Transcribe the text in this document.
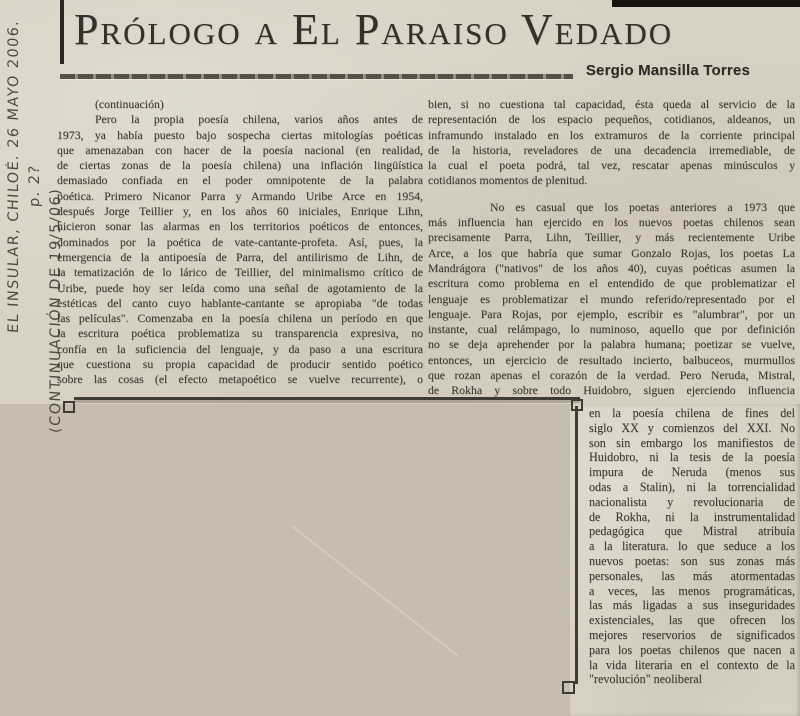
Prólogo a El Paraiso Vedado
Sergio Mansilla Torres
EL INSULAR, CHILOÉ. 26 MAYO 2006. p. 2?
(CONTINUACIÓN DE 19/5/06)
(continuación)
Pero la propia poesía chilena, varios años antes de
1973, ya había puesto bajo sospecha ciertas mitologías poéticas
que amenazaban con hacer de la poesía nacional (en realidad,
de ciertas zonas de la poesía chilena) una inflación lingüística
demasiado confiada en el poder omnipotente de la palabra
poética. Primero Nicanor Parra y Armando Uribe Arce en 1954,
después Jorge Teillier y, en los años 60 iniciales, Enrique Lihn,
hicieron sonar las alarmas en los territorios poéticos de entonces,
dominados por la poética de vate-cantante-profeta. Así, pues, la
emergencia de la antipoesía de Parra, del antilirismo de Lihn, de
la tematización de lo lárico de Teillier, del minimalismo crítico de
Uribe, puede hoy ser leída como una señal de agotamiento de la
estéticas del canto cuyo hablante-cantante se apropiaba "de todas
las películas". Comenzaba en la poesía chilena un período en que
la escritura poética problematiza su transparencia expresiva, no
confía en la suficiencia del lenguaje, y da paso a una escritura
que cuestiona su propia capacidad de producir sentido poético
sobre las cosas (el efecto metapoético se vuelve recurrente), o
bien, si no cuestiona tal capacidad, ésta queda al servicio de la
representación de los espacio pequeños, cotidianos, aldeanos, un
inframundo instalado en los extramuros de la corriente principal
de la historia, reveladores de una decadencia irremediable, de
la cual el poeta podrá, tal vez, rescatar apenas minúsculos y
cotidianos momentos de plenitud.
No es casual que los poetas anteriores a 1973 que
más influencia han ejercido en los nuevos poetas chilenos sean
precisamente Parra, Lihn, Teillier, y más recientemente Uribe
Arce, a los que habría que sumar Gonzalo Rojas, los poetas La
Mandrágora ("nativos" de los años 40), cuyas poéticas asumen la
escritura como problema en el entendido de que problematizar el
lenguaje es problematizar el mundo referido/representado por el
lenguaje. Para Rojas, por ejemplo, escribir es "alumbrar", por un
instante, cual relámpago, lo numinoso, aquello que por definición
no se deja aprehender por la palabra humana; poetizar se vuelve,
entonces, un ejercicio de resultado incierto, balbuceos, murmullos
que rozan apenas el corazón de la verdad. Pero Neruda, Mistral,
de Rokha y sobre todo Huidobro, siguen ejerciendo influencia
en la poesía chilena de fines del
siglo XX y comienzos del XXI. No
son sin embargo los manifiestos de
Huidobro, ni la tesis de la poesía
impura de Neruda (menos sus
odas a Stalin), ni la torrencialidad
nacionalista y revolucionaria de
de Rokha, ni la instrumentalidad
pedagógica que Mistral atribuía
a la literatura. lo que seduce a los
nuevos poetas: son sus zonas más
personales, las más atormentadas
a veces, las menos programáticas,
las más ligadas a sus inseguridades
existenciales, las que ofrecen los
mejores reservorios de significados
para los poetas chilenos que nacen a
la vida literaria en el contexto de la
"revolución" neoliberal
